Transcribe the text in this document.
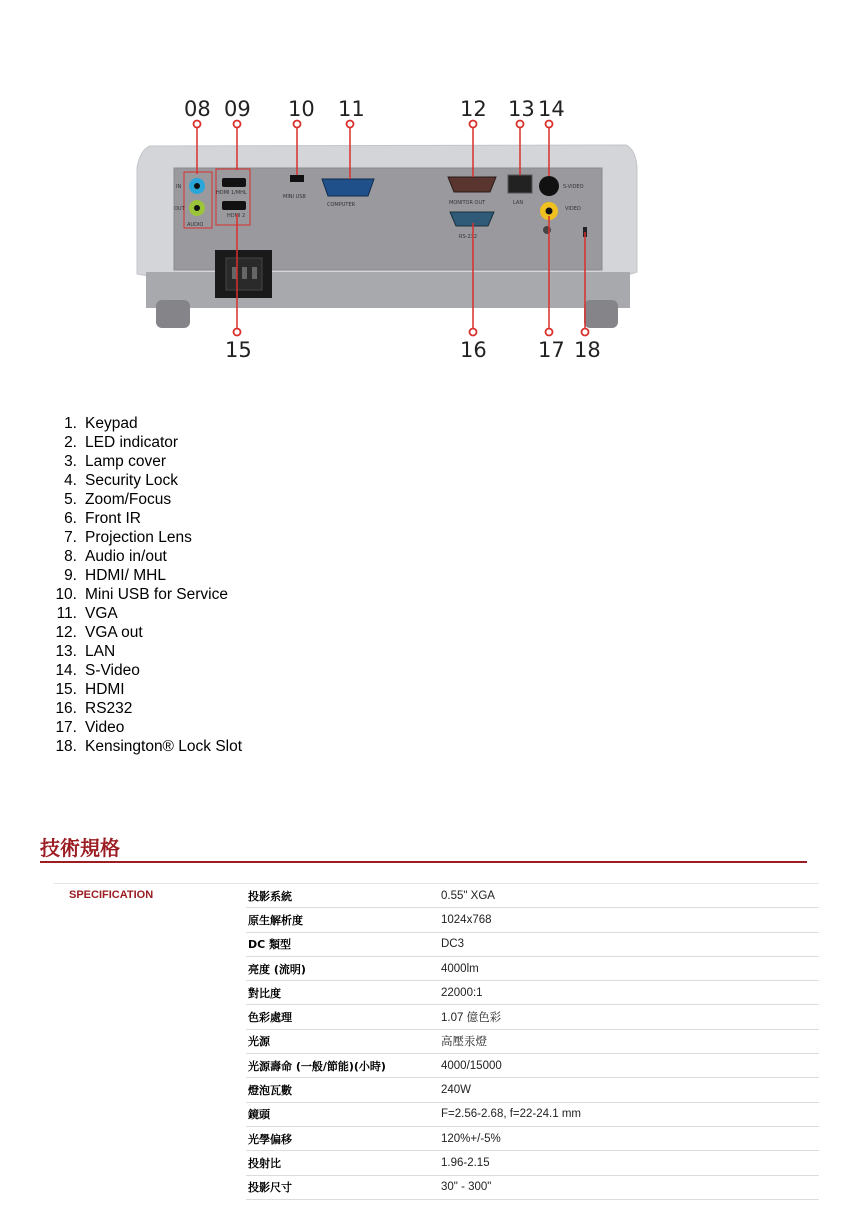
IN
OUT
AUDIO
HDMI 1/MHL
HDMI 2
MINI USB
COMPUTER	MONITOR OUT
RS-232
LAN
S-VIDEO
VIDEO
08 09 10 11	12 13 14
15	16 17 18
1. Keypad
2. LED indicator
3. Lamp cover
4. Security Lock
5. Zoom/Focus
6. Front IR
7. Projection Lens
8. Audio in/out
9. HDMI/ MHL
10. Mini USB for Service
11. VGA
12. VGA out
13. LAN
14. S-Video
15. HDMI
16. RS232
17. Video
18. Kensington® Lock Slot
技術規格
SPECIFICATION	投影系統	0.55" XGA
原生解析度	1024x768
DC 類型	DC3
亮度 (流明)	4000lm
對比度	22000:1
色彩處理	1.07 億色彩
光源	高壓汞燈
光源壽命 (一般/節能)(小時)	4000/15000
燈泡瓦數	240W
鏡頭	F=2.56-2.68, f=22-24.1 mm
光學偏移	120%+/-5%
投射比	1.96-2.15
投影尺寸	30" - 300"
